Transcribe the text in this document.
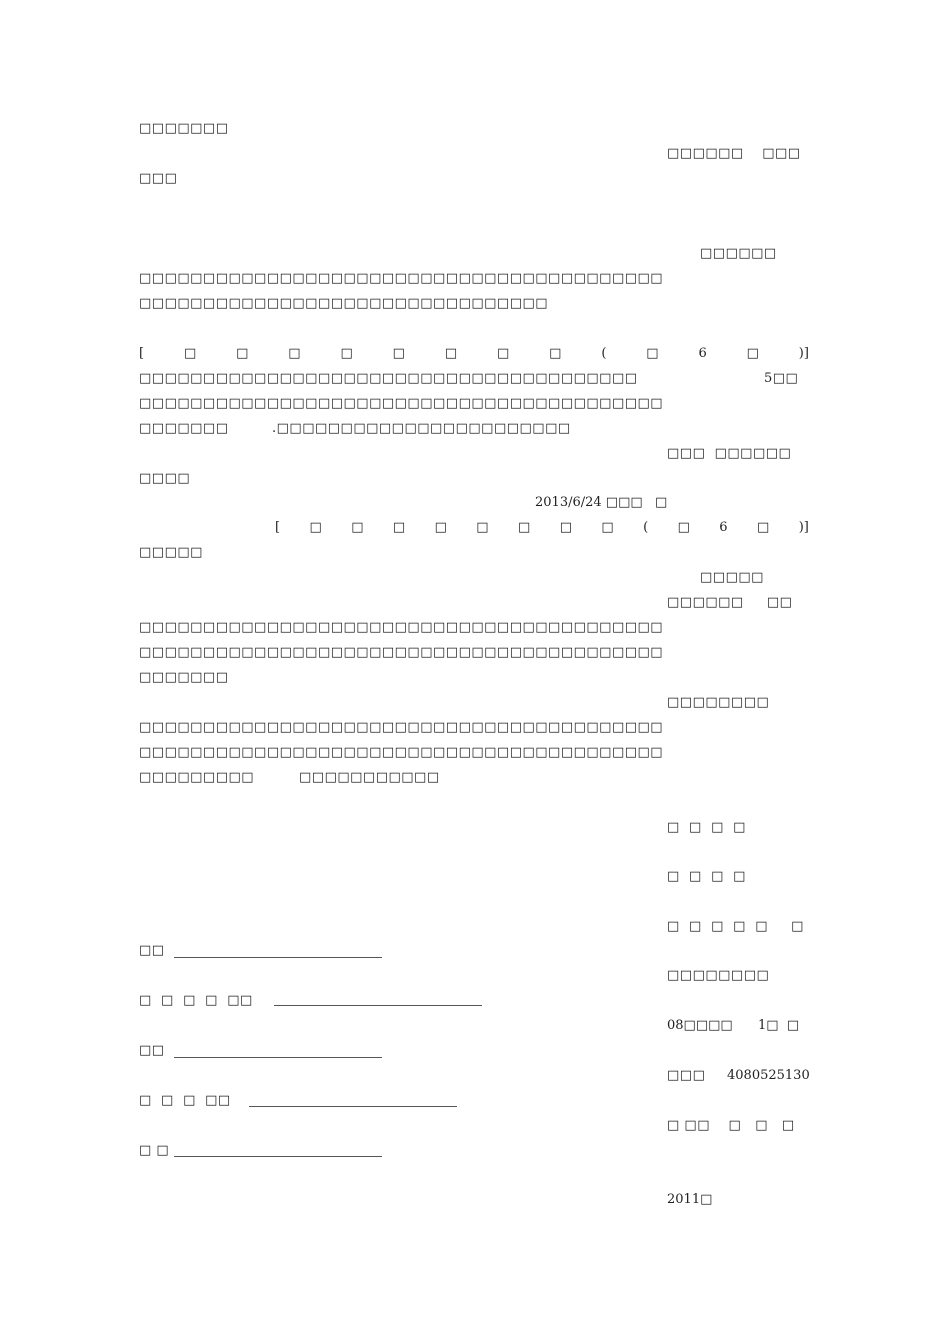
□□□□□□□
□□□□□□    □□□
□□□
□□□□□□
□□□□□□□□□□□□□□□□□□□□□□□□□□□□□□□□□□□□□□□□□
□□□□□□□□□□□□□□□□□□□□□□□□□□□□□□□□
[	□	□	□	□	□	□	□	□	(	□	6	□	)]
□□□□□□□□□□□□□□□□□□□□□□□□□□□□□□□□□□□□□□□	5□□
□□□□□□□□□□□□□□□□□□□□□□□□□□□□□□□□□□□□□□□□□
□□□□□□□	.□□□□□□□□□□□□□□□□□□□□□□□
□□□  □□□□□□
□□□□
2013/6/24 □□□   □
[ □ □ □ □ □ □ □ □ ( □ 6 □ )]
□□□□□
□□□□□
□□□□□□     □□
□□□□□□□□□□□□□□□□□□□□□□□□□□□□□□□□□□□□□□□□□
□□□□□□□□□□□□□□□□□□□□□□□□□□□□□□□□□□□□□□□□□
□□□□□□□
□□□□□□□□
□□□□□□□□□□□□□□□□□□□□□□□□□□□□□□□□□□□□□□□□□
□□□□□□□□□□□□□□□□□□□□□□□□□□□□□□□□□□□□□□□□□
□□□□□□□□□	□□□□□□□□□□□
□  □  □  □
□  □  □  □
□  □  □  □  □     □
□□□□□□□□
08□□□□ 1□  □
□□□ 4080525130
□ □□    □   □   □
2011□
□□
□  □  □  □  □□
□□
□  □  □  □□
□ □
